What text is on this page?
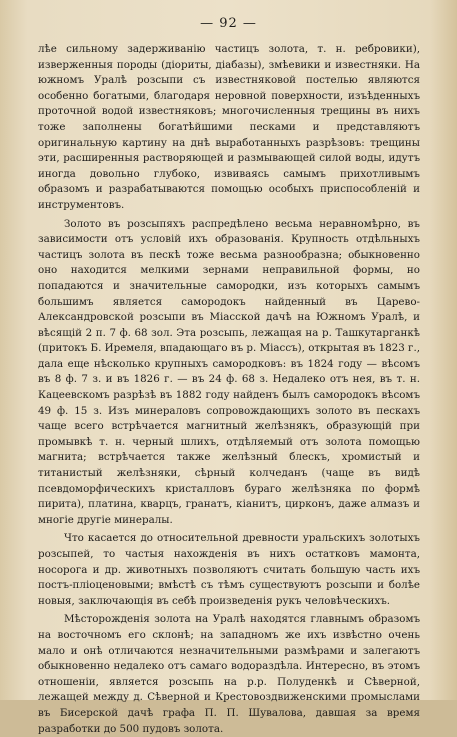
— 92 —

лѣе сильному задерживанію частицъ золота, т. н. ребровики), изверженныя породы (діориты, діабазы), змѣевики и известняки. На южномъ Уралѣ розсыпи съ известняковой постелью являются особенно богатыми, благодаря неровной поверхности, изъѣденныхъ проточной водой известняковъ; многочисленныя трещины въ нихъ тоже заполнены богатѣйшими песками и представляютъ оригинальную картину на днѣ выработанныхъ разрѣзовъ: трещины эти, расширенныя растворяющей и размывающей силой воды, идутъ иногда довольно глубоко, извиваясь самымъ прихотливымъ образомъ и разрабатываются помощью особыхъ приспособленій и инструментовъ.

Золото въ розсыпяхъ распредѣлено весьма неравномѣрно, въ зависимости отъ условій ихъ образованія. Крупность отдѣльныхъ частицъ золота въ пескѣ тоже весьма разнообразна; обыкновенно оно находится мелкими зернами неправильной формы, но попадаются и значительные самородки, изъ которыхъ самымъ большимъ является самородокъ найденный въ Царево-Александровской розсыпи въ Міасской дачѣ на Южномъ Уралѣ, и вѣсящій 2 п. 7 ф. 68 зол. Эта розсыпь, лежащая на р. Ташкутарганкѣ (притокъ Б. Иремеля, впадающаго въ р. Міассъ), открытая въ 1823 г., дала еще нѣсколько крупныхъ самородковъ: въ 1824 году — вѣсомъ въ 8 ф. 7 з. и въ 1826 г. — въ 24 ф. 68 з. Недалеко отъ нея, въ т. н. Кацеевскомъ разрѣзѣ въ 1882 году найденъ былъ самородокъ вѣсомъ 49 ф. 15 з. Изъ минераловъ сопровождающихъ золото въ пескахъ чаще всего встрѣчается магнитный желѣзнякъ, образующій при промывкѣ т. н. черный шлихъ, отдѣляемый отъ золота помощью магнита; встрѣчается также желѣзный блескъ, хромистый и титанистый желѣзняки, сѣрный колчеданъ (чаще въ видѣ псевдоморфическихъ кристалловъ бураго желѣзняка по формѣ пирита), платина, кварцъ, гранатъ, кіанитъ, цирконъ, даже алмазъ и многіе другіе минералы.

Что касается до относительной древности уральскихъ золотыхъ розсыпей, то частыя нахожденія въ нихъ остатковъ мамонта, носорога и др. животныхъ позволяютъ считать большую часть ихъ постъ-пліоценовыми; вмѣстѣ съ тѣмъ существуютъ розсыпи и болѣе новыя, заключающія въ себѣ произведенія рукъ человѣческихъ.

Мѣсторожденія золота на Уралѣ находятся главнымъ образомъ на восточномъ его склонѣ; на западномъ же ихъ извѣстно очень мало и онѣ отличаются незначительными размѣрами и залегаютъ обыкновенно недалеко отъ самаго водораздѣла. Интересно, въ этомъ отношеніи, является розсыпь на р.р. Полуденкѣ и Сѣверной, лежащей между д. Сѣверной и Крестовоздвиженскими промыслами въ Бисерской дачѣ графа П. П. Шувалова, давшая за время разработки до 500 пудовъ золота.
